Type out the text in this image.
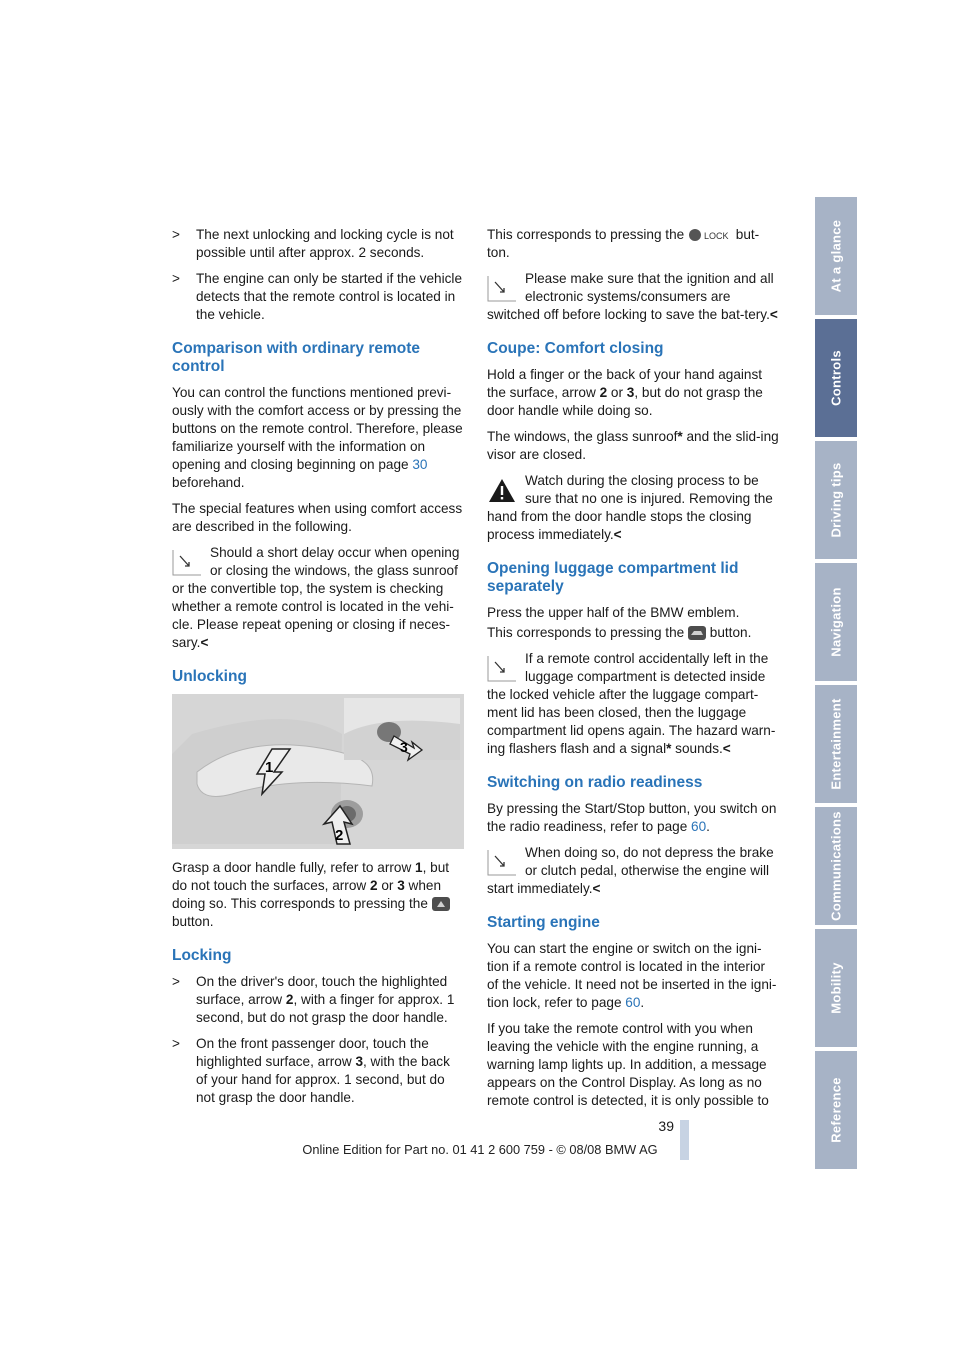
> The next unlocking and locking cycle is not possible until after approx. 2 seconds.
> The engine can only be started if the vehicle detects that the remote control is located in the vehicle.
Comparison with ordinary remote control

You can control the functions mentioned previ-ously with the comfort access or by pressing the buttons on the remote control. Therefore, please familiarize yourself with the information on opening and closing beginning on page 30 beforehand.

The special features when using comfort access are described in the following.

Should a short delay occur when opening or closing the windows, the glass sunroof or the convertible top, the system is checking whether a remote control is located in the vehi-cle. Please repeat opening or closing if neces-sary.<
Unlocking
1
2
3

Grasp a door handle fully, refer to arrow 1, but do not touch the surfaces, arrow 2 or 3 when doing so. This corresponds to pressing the  button.

Locking
> On the driver's door, touch the highlighted surface, arrow 2, with a finger for approx. 1 second, but do not grasp the door handle.
> On the front passenger door, touch the highlighted surface, arrow 3, with the back of your hand for approx. 1 second, but do not grasp the door handle.

This corresponds to pressing the LOCK but-ton.

Please make sure that the ignition and all electronic systems/consumers are switched off before locking to save the bat-tery.<
Coupe: Comfort closing

Hold a finger or the back of your hand against the surface, arrow 2 or 3, but do not grasp the door handle while doing so.

The windows, the glass sunroof* and the slid-ing visor are closed.

Watch during the closing process to be sure that no one is injured. Removing the hand from the door handle stops the closing process immediately.<
Opening luggage compartment lid separately

Press the upper half of the BMW emblem.

This corresponds to pressing the  button.

If a remote control accidentally left in the luggage compartment is detected inside the locked vehicle after the luggage compart-ment lid has been closed, then the luggage compartment lid opens again. The hazard warn-ing flashers flash and a signal* sounds.<
Switching on radio readiness

By pressing the Start/Stop button, you switch on the radio readiness, refer to page 60.

When doing so, do not depress the brake or clutch pedal, otherwise the engine will start immediately.<
Starting engine

You can start the engine or switch on the igni-tion if a remote control is located in the interior of the vehicle. It need not be inserted in the igni-tion lock, refer to page 60.

If you take the remote control with you when leaving the vehicle with the engine running, a warning lamp lights up. In addition, a message appears on the Control Display. As long as no remote control is detected, it is only possible to

At a glance
Controls
Driving tips
Navigation
Entertainment
Communications
Mobility
Reference
39
Online Edition for Part no. 01 41 2 600 759 - © 08/08 BMW AG
